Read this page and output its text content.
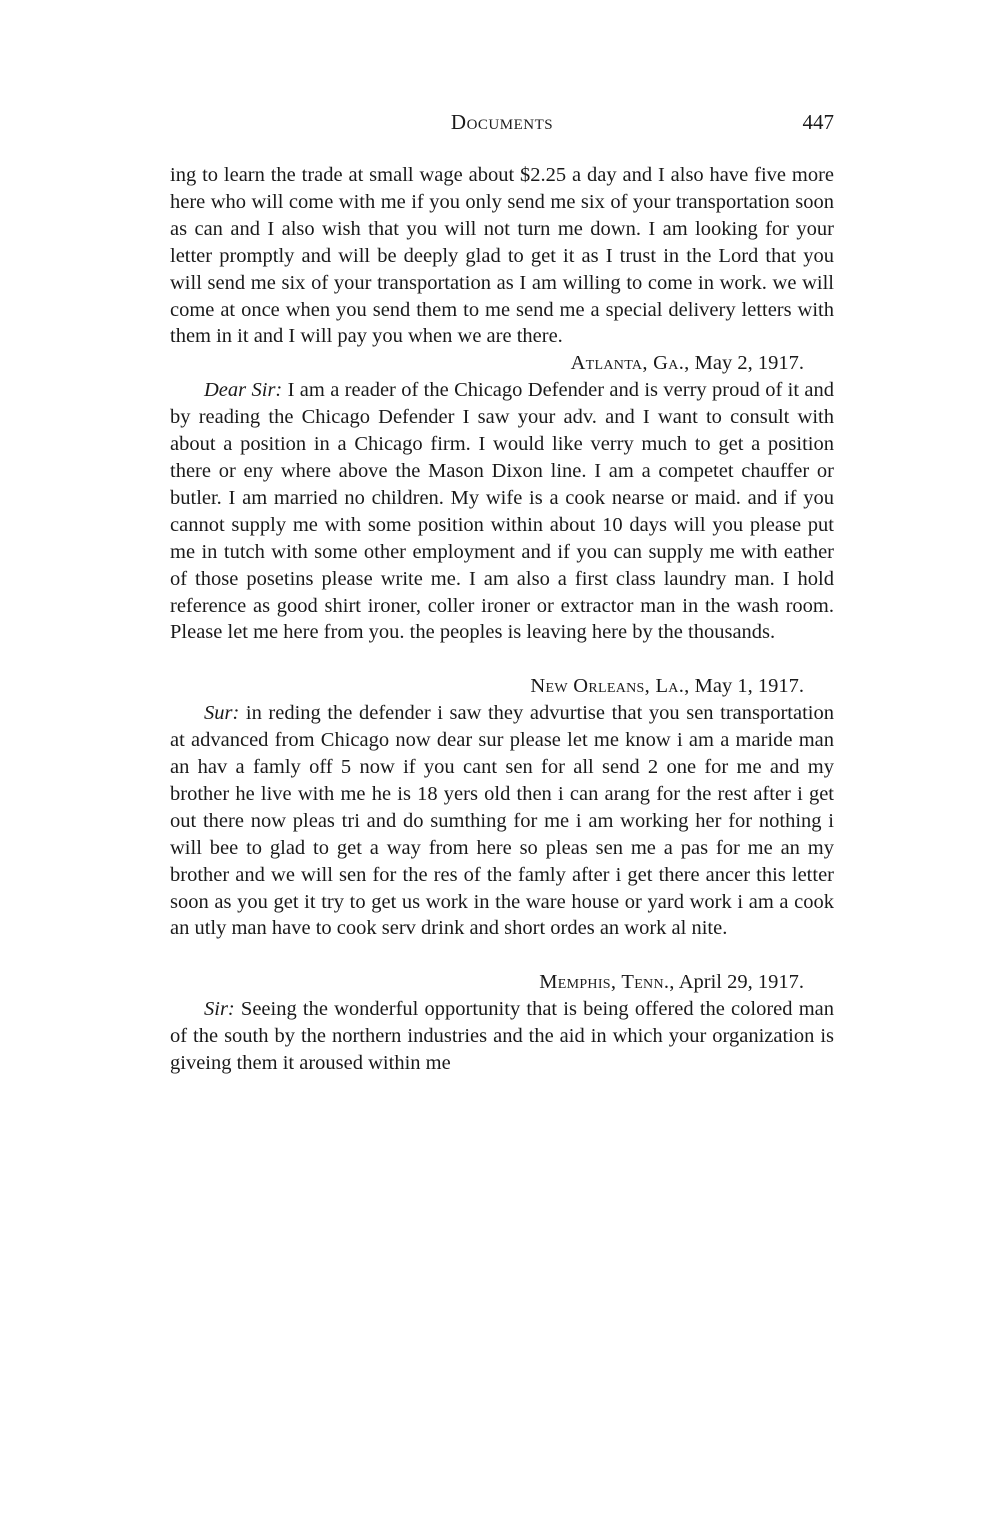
Documents	447

ing to learn the trade at small wage about $2.25 a day and I also have five more here who will come with me if you only send me six of your transportation soon as can and I also wish that you will not turn me down. I am looking for your letter promptly and will be deeply glad to get it as I trust in the Lord that you will send me six of your transportation as I am willing to come in work. we will come at once when you send them to me send me a special delivery letters with them in it and I will pay you when we are there.

Atlanta, Ga., May 2, 1917.

Dear Sir: I am a reader of the Chicago Defender and is verry proud of it and by reading the Chicago Defender I saw your adv. and I want to consult with about a position in a Chicago firm. I would like verry much to get a position there or eny where above the Mason Dixon line. I am a competet chauffer or butler. I am married no children. My wife is a cook nearse or maid. and if you cannot supply me with some position within about 10 days will you please put me in tutch with some other employment and if you can supply me with eather of those posetins please write me. I am also a first class laundry man. I hold reference as good shirt ironer, coller ironer or extractor man in the wash room. Please let me here from you. the peoples is leaving here by the thousands.

New Orleans, La., May 1, 1917.

Sur: in reding the defender i saw they advurtise that you sen transportation at advanced from Chicago now dear sur please let me know i am a maride man an hav a famly off 5 now if you cant sen for all send 2 one for me and my brother he live with me he is 18 yers old then i can arang for the rest after i get out there now pleas tri and do sumthing for me i am working her for nothing i will bee to glad to get a way from here so pleas sen me a pas for me an my brother and we will sen for the res of the famly after i get there ancer this letter soon as you get it try to get us work in the ware house or yard work i am a cook an utly man have to cook serv drink and short ordes an work al nite.

Memphis, Tenn., April 29, 1917.

Sir: Seeing the wonderful opportunity that is being offered the colored man of the south by the northern industries and the aid in which your organization is giveing them it aroused within me
